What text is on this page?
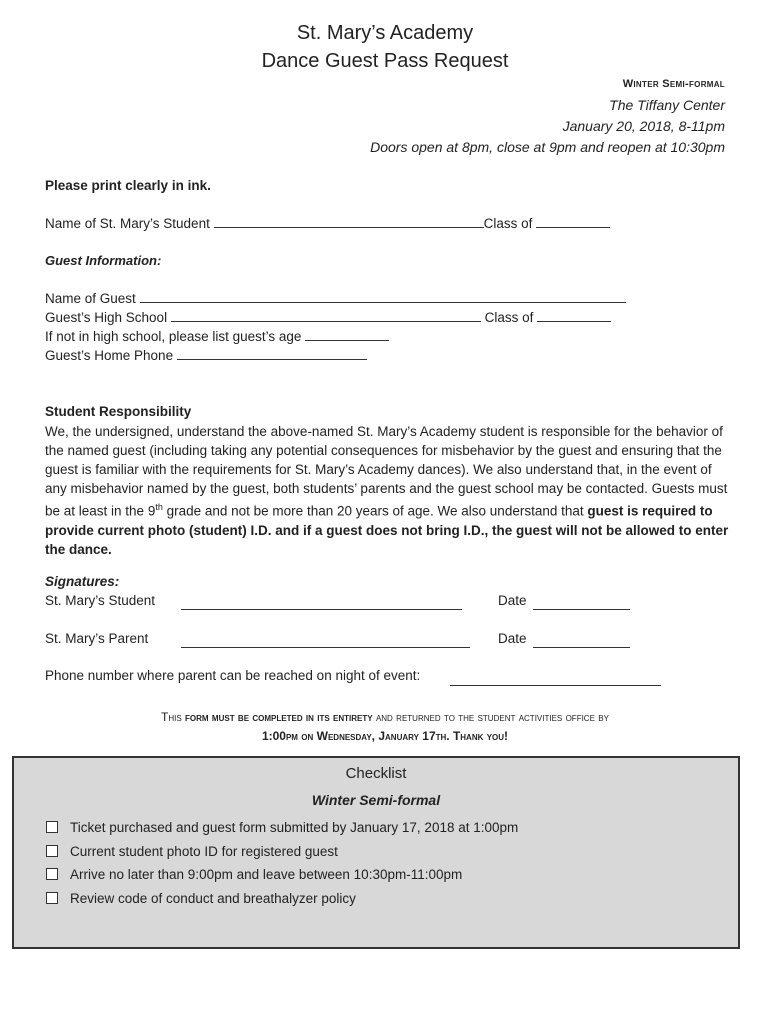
St. Mary’s Academy
Dance Guest Pass Request
Winter Semi-formal
The Tiffany Center
January 20, 2018, 8-11pm
Doors open at 8pm, close at 9pm and reopen at 10:30pm
Please print clearly in ink.
Name of St. Mary’s Student	Class of
Guest Information:
Name of Guest
Guest’s High School	Class of
If not in high school, please list guest’s age
Guest’s Home Phone
Student Responsibility
We, the undersigned, understand the above-named St. Mary’s Academy student is responsible for the behavior of the named guest (including taking any potential consequences for misbehavior by the guest and ensuring that the guest is familiar with the requirements for St. Mary’s Academy dances). We also understand that, in the event of any misbehavior named by the guest, both students’ parents and the guest school may be contacted. Guests must be at least in the 9th grade and not be more than 20 years of age. We also understand that guest is required to provide current photo (student) I.D. and if a guest does not bring I.D., the guest will not be allowed to enter the dance.
Signatures:
St. Mary’s Student	Date
St. Mary’s Parent	Date
Phone number where parent can be reached on night of event:
This form must be completed in its entirety and returned to the student activities office by
1:00pm on Wednesday, January 17th. Thank you!
Checklist
Winter Semi-formal
Ticket purchased and guest form submitted by January 17, 2018 at 1:00pm
Current student photo ID for registered guest
Arrive no later than 9:00pm and leave between 10:30pm-11:00pm
Review code of conduct and breathalyzer policy
